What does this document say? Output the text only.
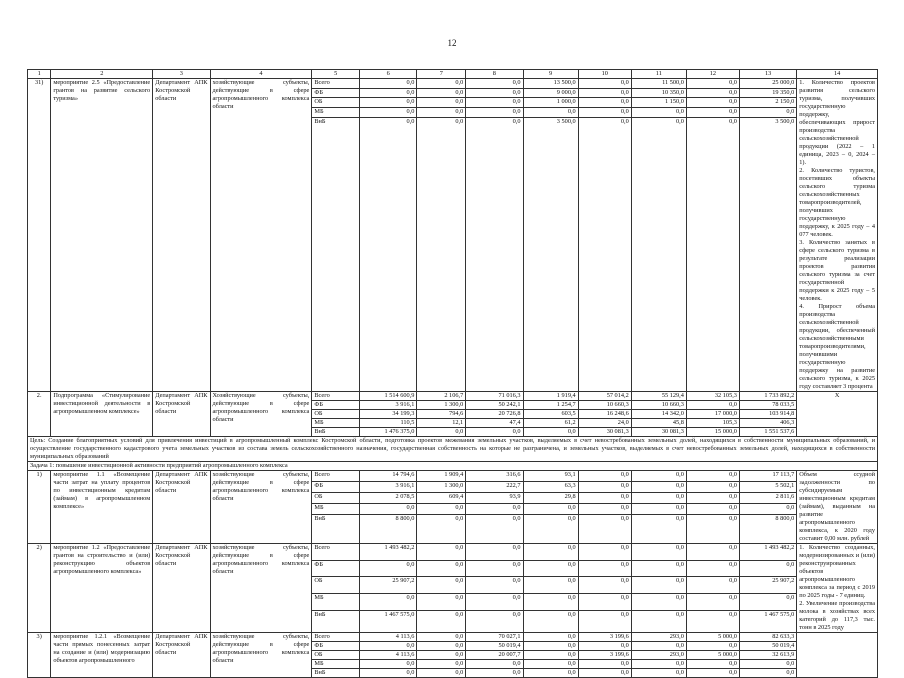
12
1	2	3	4	5	6	7	8	9	10	11	12	13	14
31)	мероприятие 2.5 «Предоставление грантов на развитие сельского туризма»	Департамент АПК Костромской области	хозяйствующие субъекты, действующие в сфере агропромышленного комплекса области	Всего	0,0	0,0	0,0	13 500,0	0,0	11 500,0	0,0	25 000,0	1. Количество проектов развития сельского туризма, получивших государственную поддержку, обеспечивающих прирост производства сельскохозяйственной продукции (2022 – 1 единица, 2023 – 0, 2024 – 1).
2. Количество туристов, посетивших объекты сельского туризма сельскохозяйственных товаропроизводителей, получивших государственную поддержку, к 2025 году – 4 077 человек.
3. Количество занятых в сфере сельского туризма в результате реализации проектов развития сельского туризма за счет государственной поддержки к 2025 году – 5 человек.
4. Прирост объема производства сельскохозяйственной продукции, обеспеченный сельскохозяйственными товаропроизводителями, получившими государственную поддержку на развитие сельского туризма, к 2025 году составляет 3 процента
				ФБ	0,0	0,0	0,0	9 000,0	0,0	10 350,0	0,0	19 350,0	
				ОБ	0,0	0,0	0,0	1 000,0	0,0	1 150,0	0,0	2 150,0	
				МБ	0,0	0,0	0,0	0,0	0,0	0,0	0,0	0,0	
				ВнБ	0,0	0,0	0,0	3 500,0	0,0	0,0	0,0	3 500,0	
2.	Подпрограмма «Стимулирование инвестиционной деятельности в агропромышленном комплексе»	Департамент АПК Костромской области	Хозяйствующие субъекты, действующие в сфере агропромышленного комплекса области	Всего	1 514 600,9	2 106,7	71 016,3	1 919,4	57 014,2	55 129,4	32 105,3	1 733 892,2	Х
				ФБ	3 916,1	1 300,0	50 242,1	1 254,7	10 660,3	10 660,3	0,0	78 033,5	
				ОБ	34 199,3	794,6	20 726,8	603,5	16 248,6	14 342,0	17 000,0	103 914,8	
				МБ	110,5	12,1	47,4	61,2	24,0	45,8	105,3	406,3	
				ВнБ	1 476 375,0	0,0	0,0	0,0	30 081,3	30 081,3	15 000,0	1 551 537,6	
Цель: Создание благоприятных условий для привлечения инвестиций в агропромышленный комплекс Костромской области, подготовка проектов межевания земельных участков, выделяемых в счет невостребованных земельных долей, находящихся в собственности муниципальных образований, и осуществление государственного кадастрового учета земельных участков из состава земель сельскохозяйственного назначения, государственная собственность на которые не разграничена, и земельных участков, выделяемых в счет невостребованных земельных долей, находящихся в собственности муниципальных образований													
Задача 1: повышение инвестиционной активности предприятий агропромышленного комплекса													
1)	мероприятие 1.1 «Возмещение части затрат на уплату процентов по инвестиционным кредитам (займам) в агропромышленном комплексе»	Департамент АПК Костромской области	хозяйствующие субъекты, действующие в сфере агропромышленного комплекса области	Всего	14 794,6	1 909,4	316,6	93,1	0,0	0,0	0,0	17 113,7	Объем ссудной задолженности по субсидируемым инвестиционным кредитам (займам), выданным на развитие агропромышленного комплекса, к 2020 году составит 0,00 млн. рублей
				ФБ	3 916,1	1 300,0	222,7	63,3	0,0	0,0	0,0	5 502,1	
				ОБ	2 078,5	609,4	93,9	29,8	0,0	0,0	0,0	2 811,6	
				МБ	0,0	0,0	0,0	0,0	0,0	0,0	0,0	0,0	
				ВнБ	8 800,0	0,0	0,0	0,0	0,0	0,0	0,0	8 800,0	
2)	мероприятие 1.2 «Предоставление грантов на строительство и (или) реконструкцию объектов агропромышленного комплекса»	Департамент АПК Костромской области	хозяйствующие субъекты, действующие в сфере агропромышленного комплекса области	Всего	1 493 482,2	0,0	0,0	0,0	0,0	0,0	0,0	1 493 482,2	1. Количество созданных, модернизированных и (или) реконструированных объектов агропромышленного комплекса за период с 2019 по 2025 годы - 7 единиц.
2. Увеличение производства молока в хозяйствах всех категорий до 117,3 тыс. тонн в 2025 году
				ФБ	0,0	0,0	0,0	0,0	0,0	0,0	0,0	0,0	
				ОБ	25 907,2	0,0	0,0	0,0	0,0	0,0	0,0	25 907,2	
				МБ	0,0	0,0	0,0	0,0	0,0	0,0	0,0	0,0	
				ВнБ	1 467 575,0	0,0	0,0	0,0	0,0	0,0	0,0	1 467 575,0	
3)	мероприятие 1.2.1 «Возмещение части прямых понесенных затрат на создание и (или) модернизацию объектов агропромышленного	Департамент АПК Костромской области	хозяйствующие субъекты, действующие в сфере агропромышленного комплекса области	Всего	4 113,6	0,0	70 027,1	0,0	3 199,6	293,0	5 000,0	82 633,3	
				ФБ	0,0	0,0	50 019,4	0,0	0,0	0,0	0,0	50 019,4	
				ОБ	4 113,6	0,0	20 007,7	0,0	3 199,6	293,0	5 000,0	32 613,9	
				МБ	0,0	0,0	0,0	0,0	0,0	0,0	0,0	0,0	
				ВнБ	0,0	0,0	0,0	0,0	0,0	0,0	0,0	0,0	
